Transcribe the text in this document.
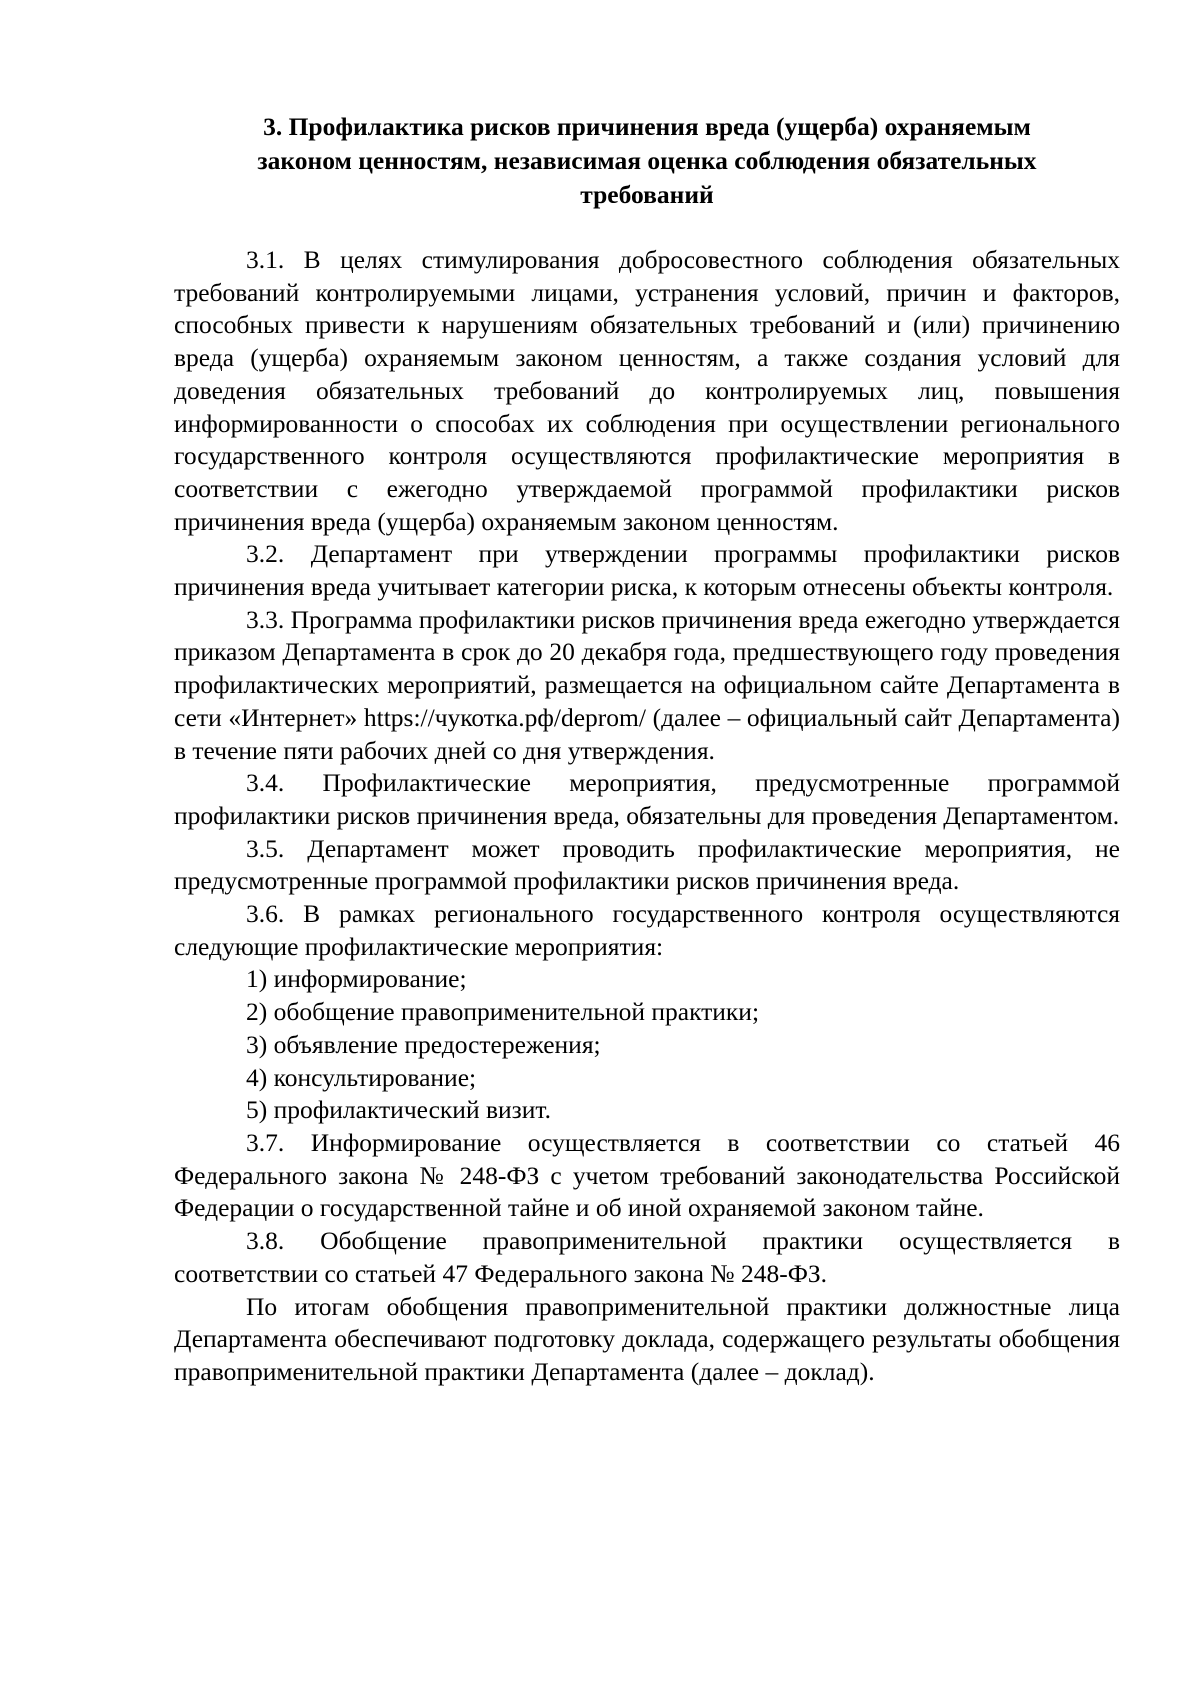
3. Профилактика рисков причинения вреда (ущерба) охраняемым
законом ценностям, независимая оценка соблюдения обязательных
требований

3.1. В целях стимулирования добросовестного соблюдения обязательных требований контролируемыми лицами, устранения условий, причин и факторов, способных привести к нарушениям обязательных требований и (или) причинению вреда (ущерба) охраняемым законом ценностям, а также создания условий для доведения обязательных требований до контролируемых лиц, повышения информированности о способах их соблюдения при осуществлении регионального государственного контроля осуществляются профилактические мероприятия в соответствии с ежегодно утверждаемой программой профилактики рисков причинения вреда (ущерба) охраняемым законом ценностям.

3.2. Департамент при утверждении программы профилактики рисков причинения вреда учитывает категории риска, к которым отнесены объекты контроля.

3.3. Программа профилактики рисков причинения вреда ежегодно утверждается приказом Департамента в срок до 20 декабря года, предшествующего году проведения профилактических мероприятий, размещается на официальном сайте Департамента в сети «Интернет» https://чукотка.рф/deprom/ (далее – официальный сайт Департамента) в течение пяти рабочих дней со дня утверждения.

3.4. Профилактические мероприятия, предусмотренные программой профилактики рисков причинения вреда, обязательны для проведения Департаментом.

3.5. Департамент может проводить профилактические мероприятия, не предусмотренные программой профилактики рисков причинения вреда.

3.6. В рамках регионального государственного контроля осуществляются следующие профилактические мероприятия:

1) информирование;

2) обобщение правоприменительной практики;

3) объявление предостережения;

4) консультирование;

5) профилактический визит.

3.7. Информирование осуществляется в соответствии со статьей 46 Федерального закона № 248-ФЗ с учетом требований законодательства Российской Федерации о государственной тайне и об иной охраняемой законом тайне.

3.8. Обобщение правоприменительной практики осуществляется в соответствии со статьей 47 Федерального закона № 248-ФЗ.

По итогам обобщения правоприменительной практики должностные лица Департамента обеспечивают подготовку доклада, содержащего результаты обобщения правоприменительной практики Департамента (далее – доклад).
